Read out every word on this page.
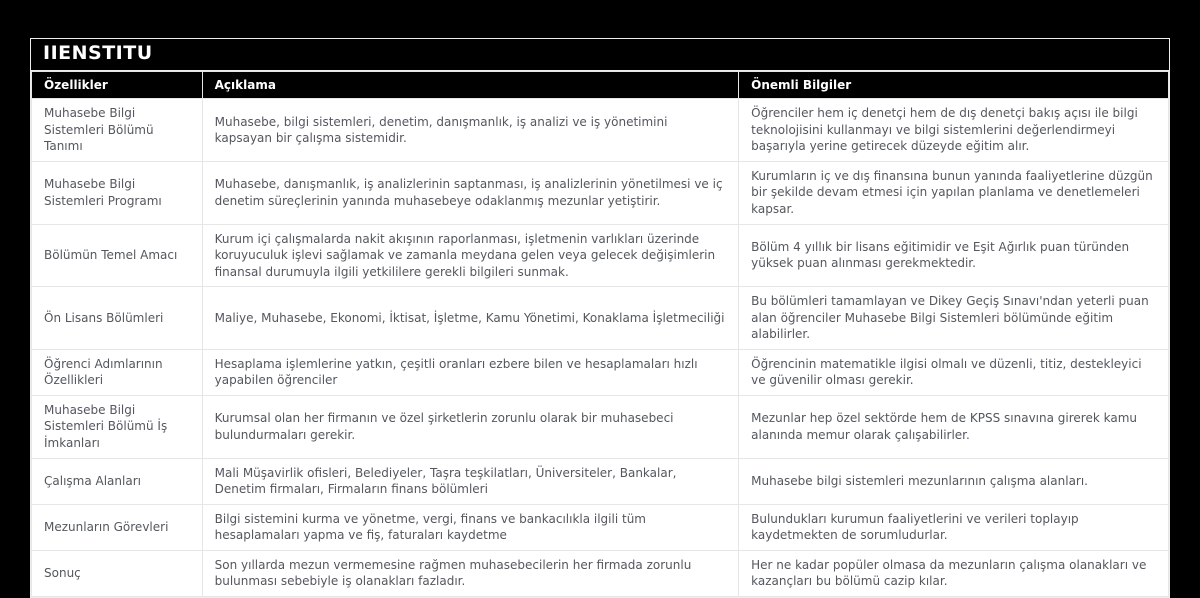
IIENSTITU
Özellikler	Açıklama	Önemli Bilgiler
Muhasebe Bilgi Sistemleri Bölümü Tanımı	Muhasebe, bilgi sistemleri, denetim, danışmanlık, iş analizi ve iş yönetimini kapsayan bir çalışma sistemidir.	Öğrenciler hem iç denetçi hem de dış denetçi bakış açısı ile bilgi teknolojisini kullanmayı ve bilgi sistemlerini değerlendirmeyi başarıyla yerine getirecek düzeyde eğitim alır.
Muhasebe Bilgi Sistemleri Programı	Muhasebe, danışmanlık, iş analizlerinin saptanması, iş analizlerinin yönetilmesi ve iç denetim süreçlerinin yanında muhasebeye odaklanmış mezunlar yetiştirir.	Kurumların iç ve dış finansına bunun yanında faaliyetlerine düzgün bir şekilde devam etmesi için yapılan planlama ve denetlemeleri kapsar.
Bölümün Temel Amacı	Kurum içi çalışmalarda nakit akışının raporlanması, işletmenin varlıkları üzerinde koruyuculuk işlevi sağlamak ve zamanla meydana gelen veya gelecek değişimlerin finansal durumuyla ilgili yetkililere gerekli bilgileri sunmak.	Bölüm 4 yıllık bir lisans eğitimidir ve Eşit Ağırlık puan türünden yüksek puan alınması gerekmektedir.
Ön Lisans Bölümleri	Maliye, Muhasebe, Ekonomi, İktisat, İşletme, Kamu Yönetimi, Konaklama İşletmeciliği	Bu bölümleri tamamlayan ve Dikey Geçiş Sınavı'ndan yeterli puan alan öğrenciler Muhasebe Bilgi Sistemleri bölümünde eğitim alabilirler.
Öğrenci Adımlarının Özellikleri	Hesaplama işlemlerine yatkın, çeşitli oranları ezbere bilen ve hesaplamaları hızlı yapabilen öğrenciler	Öğrencinin matematikle ilgisi olmalı ve düzenli, titiz, destekleyici ve güvenilir olması gerekir.
Muhasebe Bilgi Sistemleri Bölümü İş İmkanları	Kurumsal olan her firmanın ve özel şirketlerin zorunlu olarak bir muhasebeci bulundurmaları gerekir.	Mezunlar hep özel sektörde hem de KPSS sınavına girerek kamu alanında memur olarak çalışabilirler.
Çalışma Alanları	Mali Müşavirlik ofisleri, Belediyeler, Taşra teşkilatları, Üniversiteler, Bankalar, Denetim firmaları, Firmaların finans bölümleri	Muhasebe bilgi sistemleri mezunlarının çalışma alanları.
Mezunların Görevleri	Bilgi sistemini kurma ve yönetme, vergi, finans ve bankacılıkla ilgili tüm hesaplamaları yapma ve fiş, faturaları kaydetme	Bulundukları kurumun faaliyetlerini ve verileri toplayıp kaydetmekten de sorumludurlar.
Sonuç	Son yıllarda mezun vermemesine rağmen muhasebecilerin her firmada zorunlu bulunması sebebiyle iş olanakları fazladır.	Her ne kadar popüler olmasa da mezunların çalışma olanakları ve kazançları bu bölümü cazip kılar.
